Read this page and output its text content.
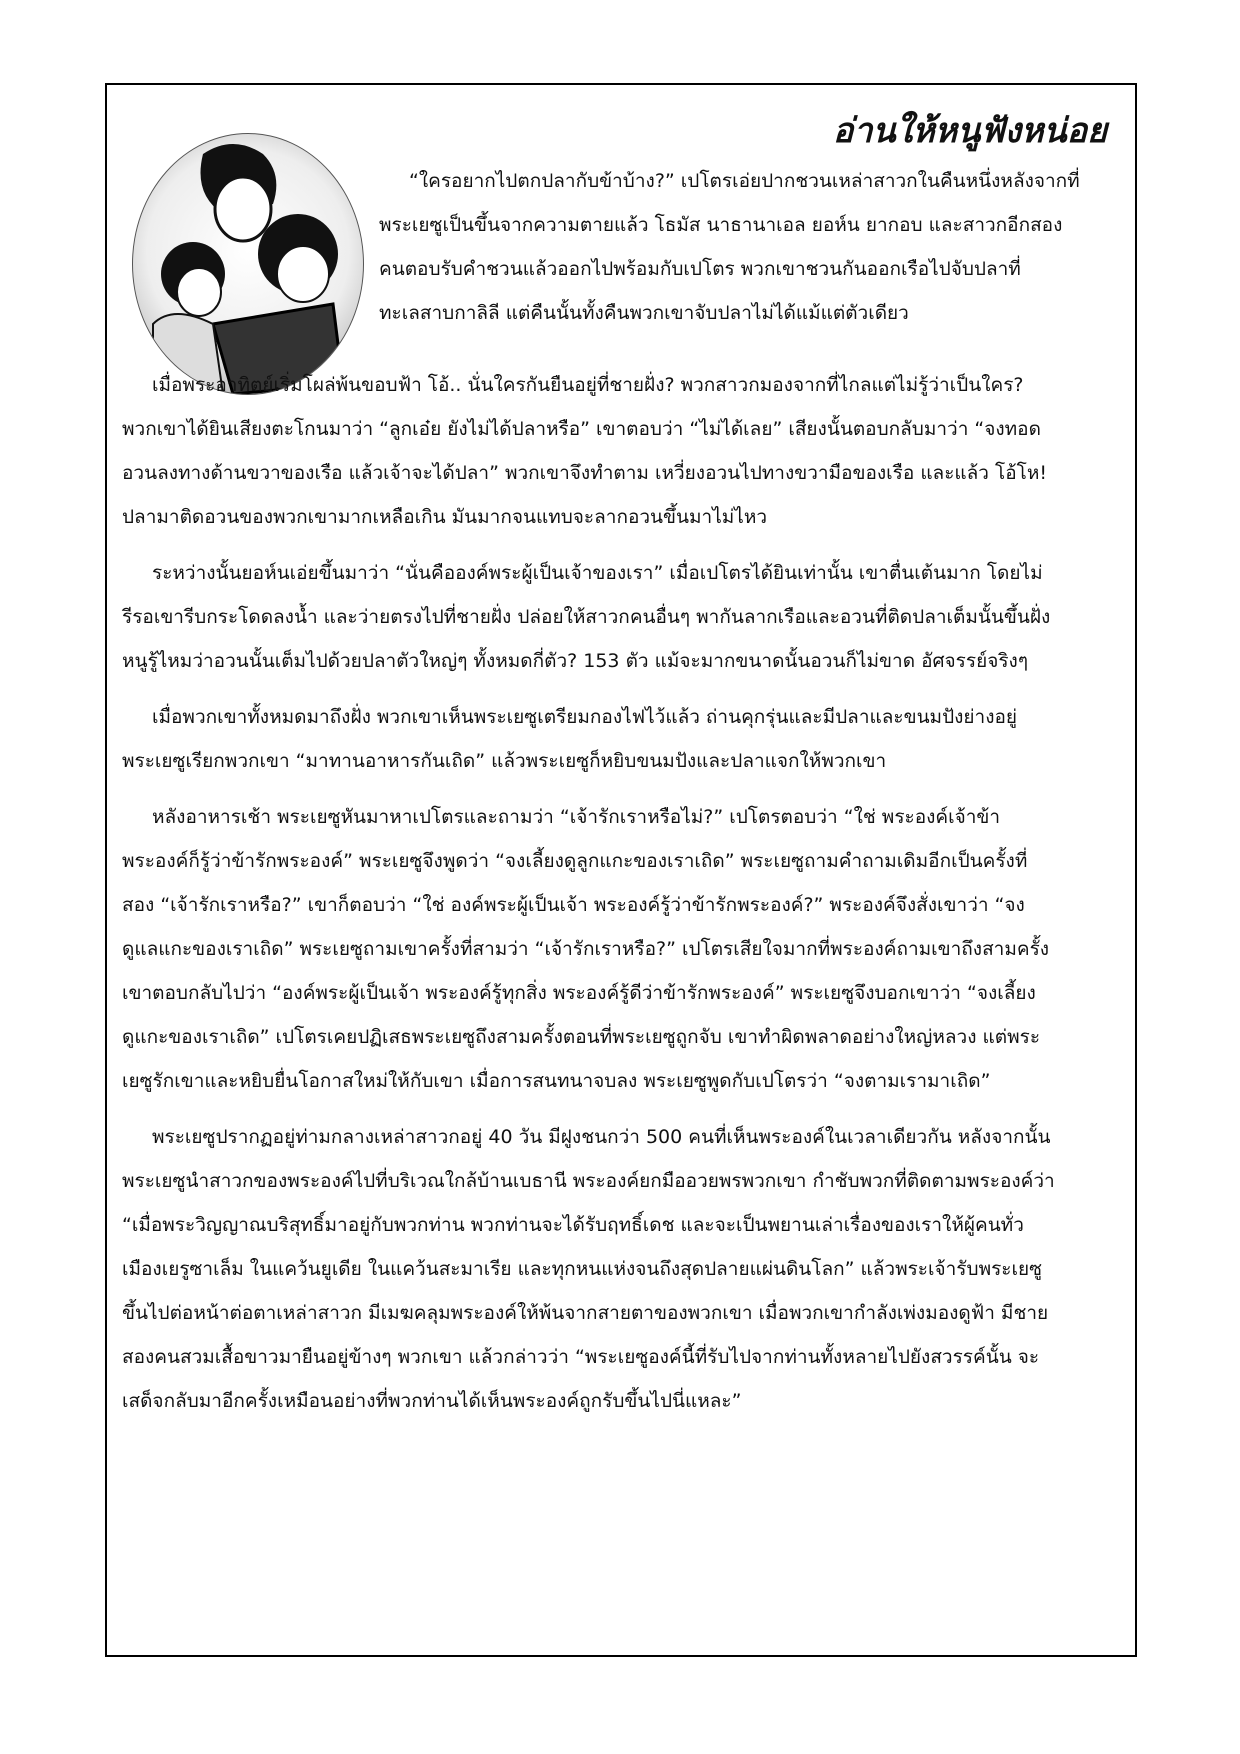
อ่านให้หนูฟังหน่อย
“ใครอยากไปตกปลากับข้าบ้าง?” เปโตรเอ่ยปากชวนเหล่าสาวกในคืนหนึ่งหลังจากที่
พระเยซูเป็นขึ้นจากความตายแล้ว โธมัส นาธานาเอล ยอห์น ยากอบ และสาวกอีกสอง
คนตอบรับคำชวนแล้วออกไปพร้อมกับเปโตร พวกเขาชวนกันออกเรือไปจับปลาที่
ทะเลสาบกาลิลี แต่คืนนั้นทั้งคืนพวกเขาจับปลาไม่ได้แม้แต่ตัวเดียว
เมื่อพระอาทิตย์เริ่มโผล่พ้นขอบฟ้า โอ้.. นั่นใครกันยืนอยู่ที่ชายฝั่ง? พวกสาวกมองจากที่ไกลแต่ไม่รู้ว่าเป็นใคร?
พวกเขาได้ยินเสียงตะโกนมาว่า “ลูกเอ๋ย ยังไม่ได้ปลาหรือ” เขาตอบว่า “ไม่ได้เลย” เสียงนั้นตอบกลับมาว่า “จงทอด
อวนลงทางด้านขวาของเรือ แล้วเจ้าจะได้ปลา” พวกเขาจึงทำตาม เหวี่ยงอวนไปทางขวามือของเรือ และแล้ว โอ้โห!
ปลามาติดอวนของพวกเขามากเหลือเกิน มันมากจนแทบจะลากอวนขึ้นมาไม่ไหว
ระหว่างนั้นยอห์นเอ่ยขึ้นมาว่า “นั่นคือองค์พระผู้เป็นเจ้าของเรา” เมื่อเปโตรได้ยินเท่านั้น เขาตื่นเต้นมาก โดยไม่
รีรอเขารีบกระโดดลงน้ำ และว่ายตรงไปที่ชายฝั่ง ปล่อยให้สาวกคนอื่นๆ พากันลากเรือและอวนที่ติดปลาเต็มนั้นขึ้นฝั่ง
หนูรู้ไหมว่าอวนนั้นเต็มไปด้วยปลาตัวใหญ่ๆ ทั้งหมดกี่ตัว? 153 ตัว แม้จะมากขนาดนั้นอวนก็ไม่ขาด อัศจรรย์จริงๆ
เมื่อพวกเขาทั้งหมดมาถึงฝั่ง พวกเขาเห็นพระเยซูเตรียมกองไฟไว้แล้ว ถ่านคุกรุ่นและมีปลาและขนมปังย่างอยู่
พระเยซูเรียกพวกเขา “มาทานอาหารกันเถิด” แล้วพระเยซูก็หยิบขนมปังและปลาแจกให้พวกเขา
หลังอาหารเช้า พระเยซูหันมาหาเปโตรและถามว่า “เจ้ารักเราหรือไม่?” เปโตรตอบว่า “ใช่ พระองค์เจ้าข้า
พระองค์ก็รู้ว่าข้ารักพระองค์” พระเยซูจึงพูดว่า “จงเลี้ยงดูลูกแกะของเราเถิด” พระเยซูถามคำถามเดิมอีกเป็นครั้งที่
สอง “เจ้ารักเราหรือ?” เขาก็ตอบว่า “ใช่ องค์พระผู้เป็นเจ้า พระองค์รู้ว่าข้ารักพระองค์?” พระองค์จึงสั่งเขาว่า “จง
ดูแลแกะของเราเถิด” พระเยซูถามเขาครั้งที่สามว่า “เจ้ารักเราหรือ?” เปโตรเสียใจมากที่พระองค์ถามเขาถึงสามครั้ง
เขาตอบกลับไปว่า “องค์พระผู้เป็นเจ้า พระองค์รู้ทุกสิ่ง พระองค์รู้ดีว่าข้ารักพระองค์” พระเยซูจึงบอกเขาว่า “จงเลี้ยง
ดูแกะของเราเถิด” เปโตรเคยปฏิเสธพระเยซูถึงสามครั้งตอนที่พระเยซูถูกจับ เขาทำผิดพลาดอย่างใหญ่หลวง แต่พระ
เยซูรักเขาและหยิบยื่นโอกาสใหม่ให้กับเขา เมื่อการสนทนาจบลง พระเยซูพูดกับเปโตรว่า “จงตามเรามาเถิด”
พระเยซูปรากฏอยู่ท่ามกลางเหล่าสาวกอยู่ 40 วัน มีฝูงชนกว่า 500 คนที่เห็นพระองค์ในเวลาเดียวกัน หลังจากนั้น
พระเยซูนำสาวกของพระองค์ไปที่บริเวณใกล้บ้านเบธานี พระองค์ยกมืออวยพรพวกเขา กำชับพวกที่ติดตามพระองค์ว่า
“เมื่อพระวิญญาณบริสุทธิ์มาอยู่กับพวกท่าน พวกท่านจะได้รับฤทธิ์เดช และจะเป็นพยานเล่าเรื่องของเราให้ผู้คนทั่ว
เมืองเยรูซาเล็ม ในแคว้นยูเดีย ในแคว้นสะมาเรีย และทุกหนแห่งจนถึงสุดปลายแผ่นดินโลก” แล้วพระเจ้ารับพระเยซู
ขึ้นไปต่อหน้าต่อตาเหล่าสาวก มีเมฆคลุมพระองค์ให้พ้นจากสายตาของพวกเขา เมื่อพวกเขากำลังเพ่งมองดูฟ้า มีชาย
สองคนสวมเสื้อขาวมายืนอยู่ข้างๆ พวกเขา แล้วกล่าวว่า “พระเยซูองค์นี้ที่รับไปจากท่านทั้งหลายไปยังสวรรค์นั้น จะ
เสด็จกลับมาอีกครั้งเหมือนอย่างที่พวกท่านได้เห็นพระองค์ถูกรับขึ้นไปนี่แหละ”
